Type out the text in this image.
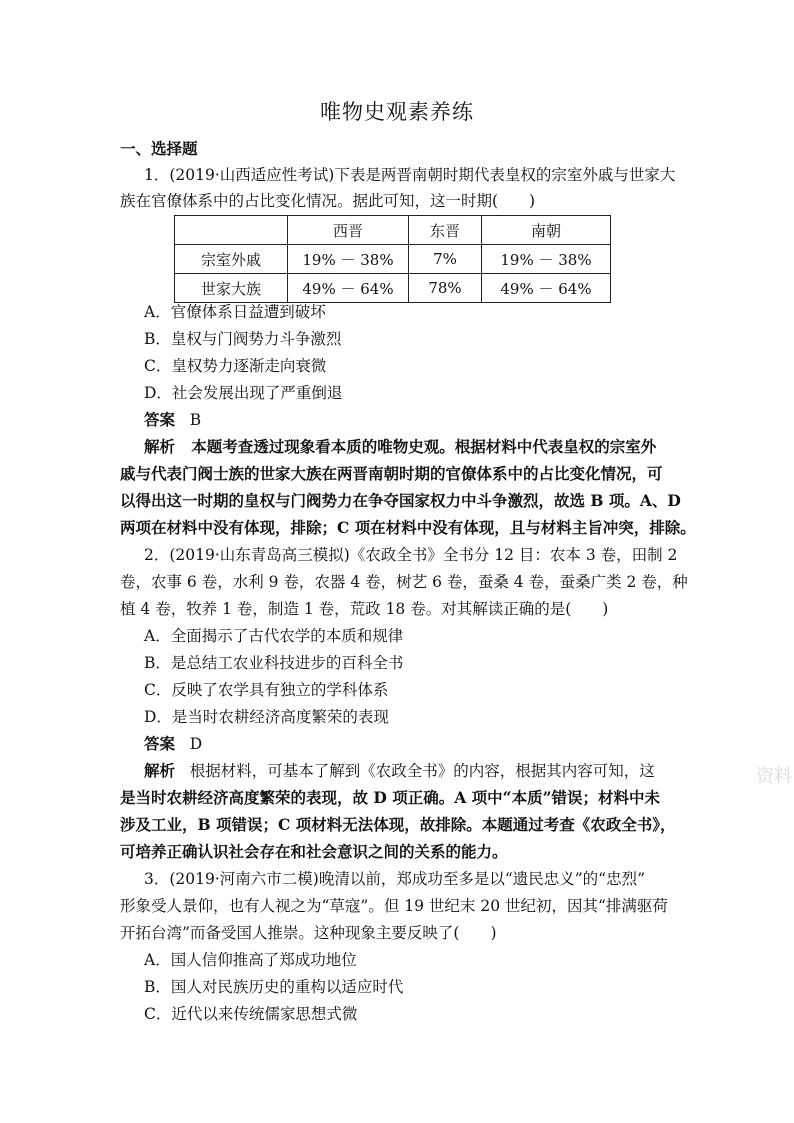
唯物史观素养练
一、选择题
1．(2019·山西适应性考试)下表是两晋南朝时期代表皇权的宗室外戚与世家大
族在官僚体系中的占比变化情况。据此可知，这一时期(　　)
	西晋	东晋	南朝
宗室外戚	19% － 38%	7%	19% － 38%
世家大族	49% － 64%	78%	49% － 64%
A．官僚体系日益遭到破坏
B．皇权与门阀势力斗争激烈
C．皇权势力逐渐走向衰微
D．社会发展出现了严重倒退
答案 B
解析 本题考查透过现象看本质的唯物史观。根据材料中代表皇权的宗室外
戚与代表门阀士族的世家大族在两晋南朝时期的官僚体系中的占比变化情况，可
以得出这一时期的皇权与门阀势力在争夺国家权力中斗争激烈，故选 B 项。A、D
两项在材料中没有体现，排除；C 项在材料中没有体现，且与材料主旨冲突，排除。
2．(2019·山东青岛高三模拟)《农政全书》全书分 12 目：农本 3 卷，田制 2
卷，农事 6 卷，水利 9 卷，农器 4 卷，树艺 6 卷，蚕桑 4 卷，蚕桑广类 2 卷，种
植 4 卷，牧养 1 卷，制造 1 卷，荒政 18 卷。对其解读正确的是(　　)
A．全面揭示了古代农学的本质和规律
B．是总结工农业科技进步的百科全书
C．反映了农学具有独立的学科体系
D．是当时农耕经济高度繁荣的表现
答案 D
解析 根据材料，可基本了解到《农政全书》的内容，根据其内容可知，这
是当时农耕经济高度繁荣的表现，故 D 项正确。A 项中“本质”错误；材料中未
涉及工业，B 项错误；C 项材料无法体现，故排除。本题通过考查《农政全书》，
可培养正确认识社会存在和社会意识之间的关系的能力。
3．(2019·河南六市二模)晚清以前，郑成功至多是以“遗民忠义”的“忠烈”
形象受人景仰，也有人视之为“草寇”。但 19 世纪末 20 世纪初，因其“排满驱荷
开拓台湾”而备受国人推崇。这种现象主要反映了(　　)
A．国人信仰推高了郑成功地位
B．国人对民族历史的重构以适应时代
C．近代以来传统儒家思想式微
资料
